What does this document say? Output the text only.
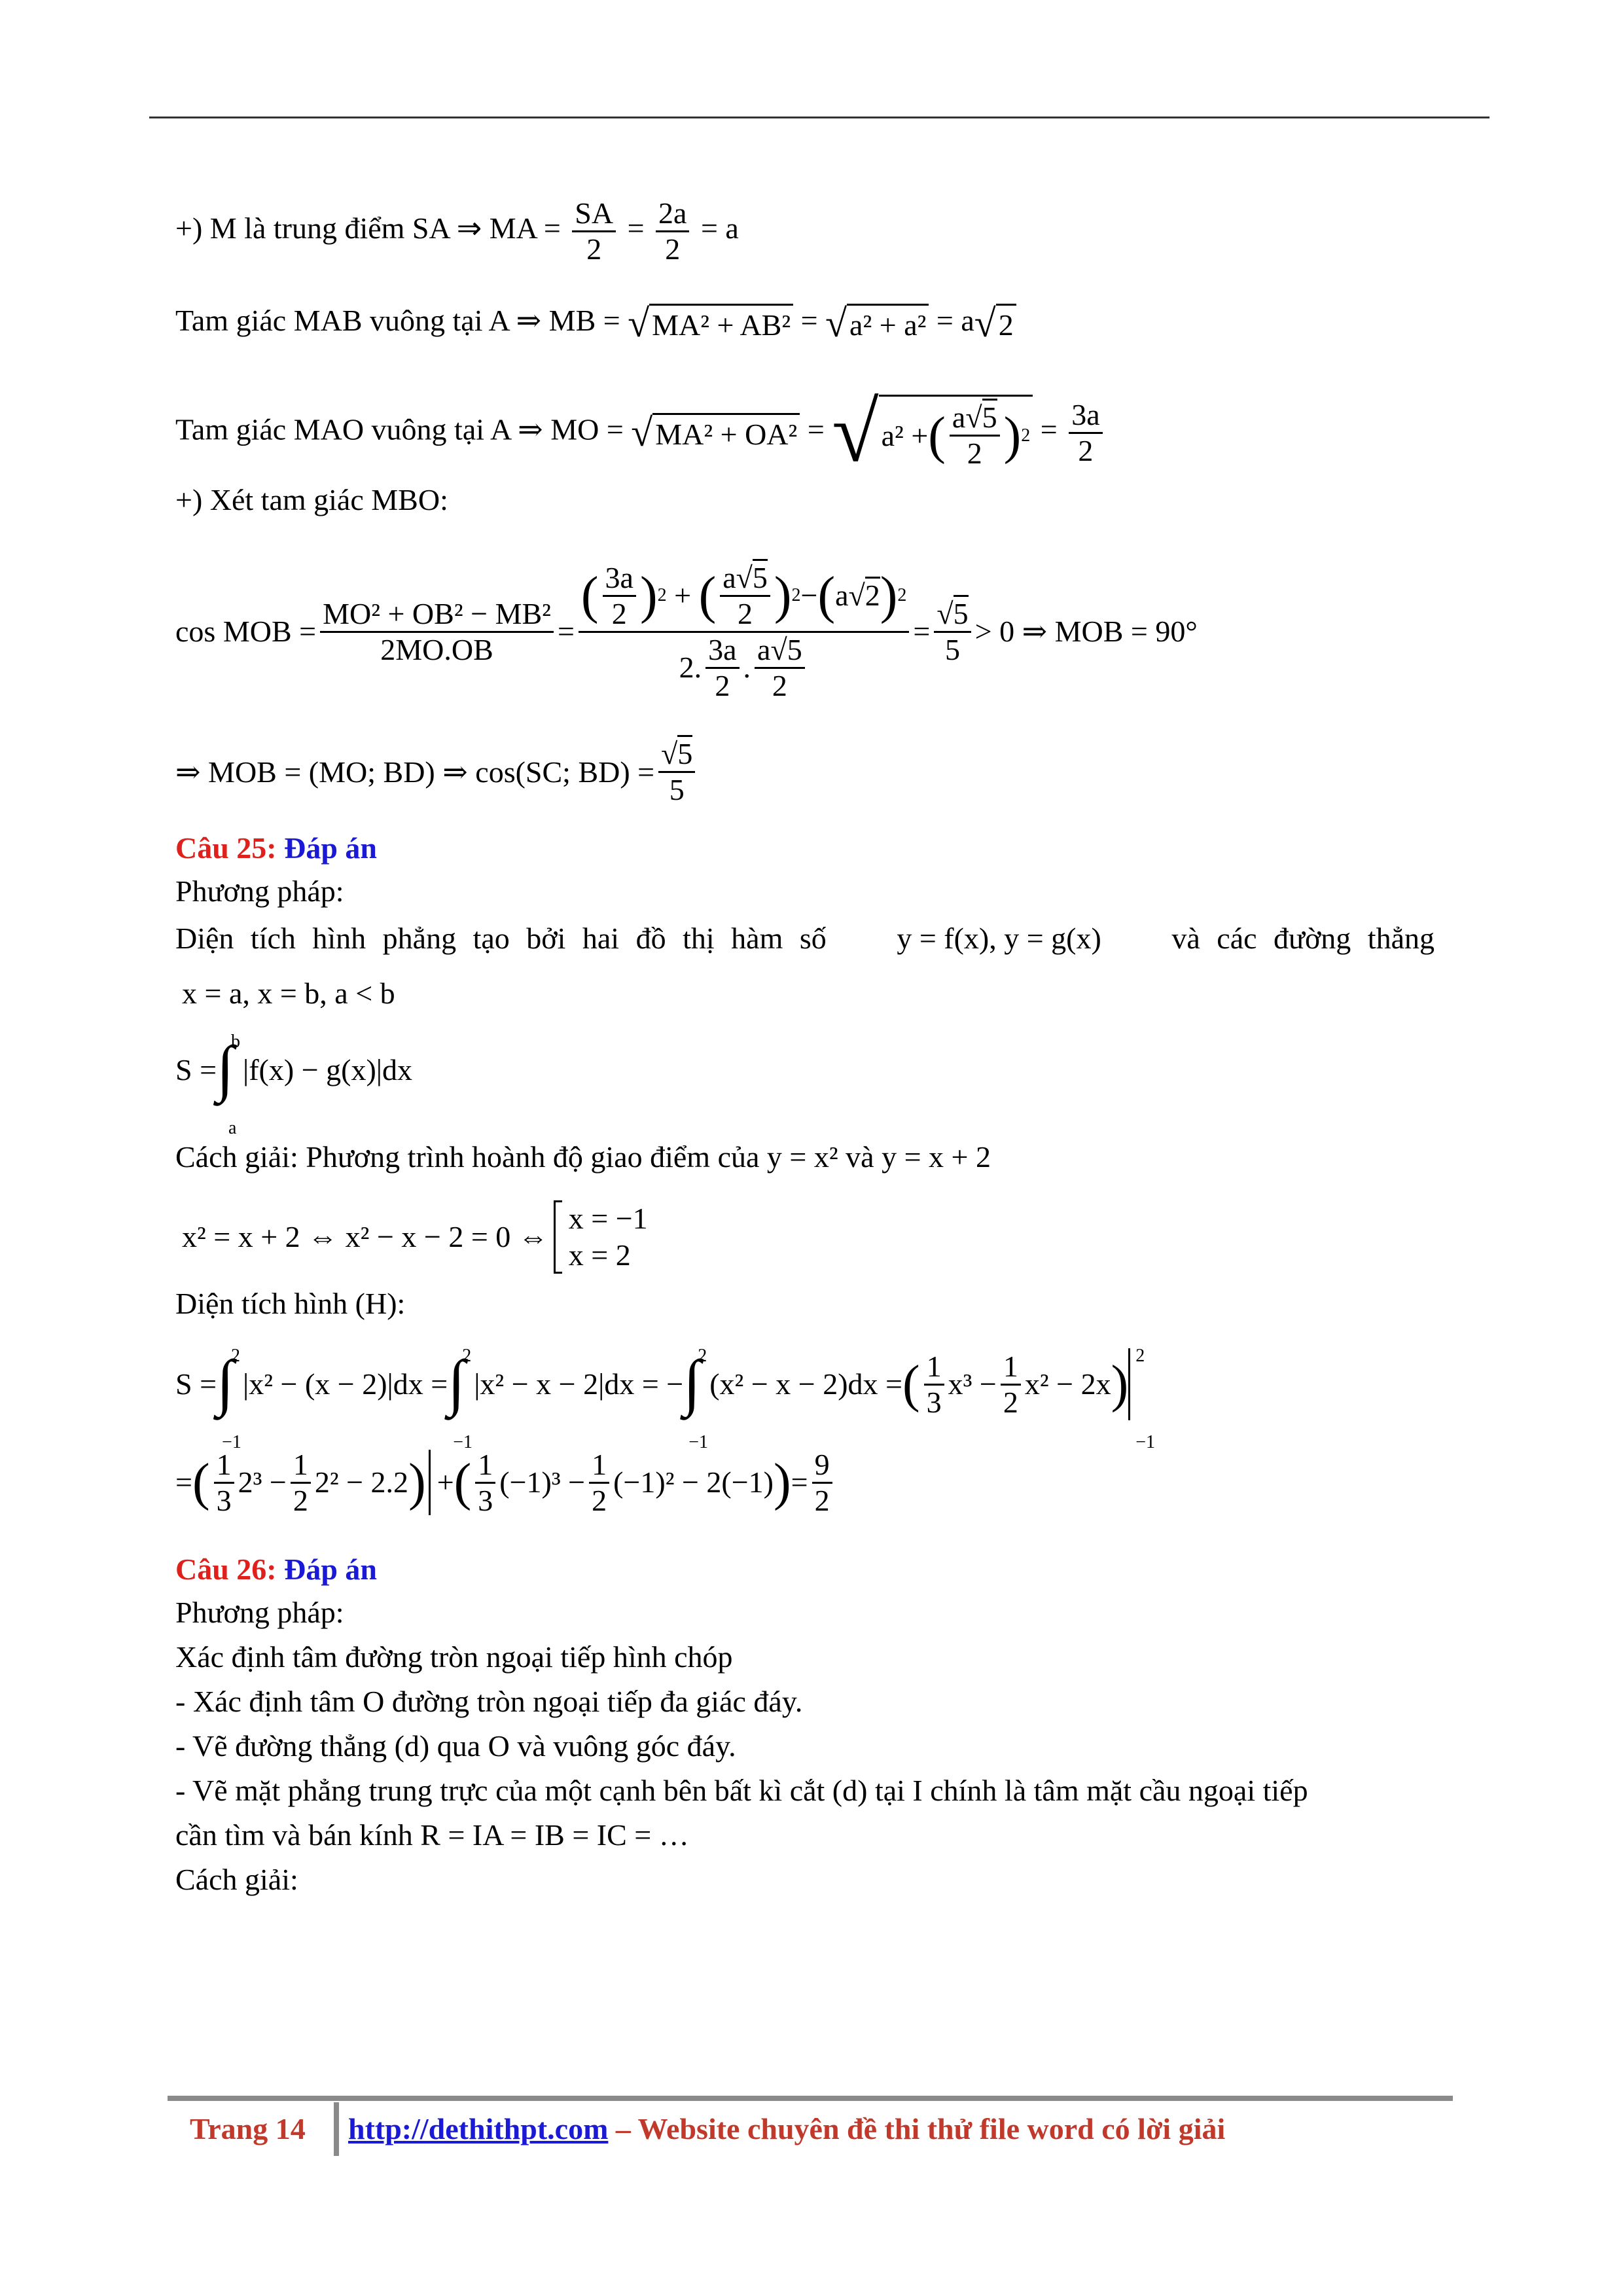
+) M là trung điểm SA ⇒ MA = $\frac{SA}{2} = \frac{2a}{2} = a$
Tam giác MAB vuông tại A ⇒ MB = √ MA² + AB² = √ a² + a² = a √ 2
Tam giác MAO vuông tại A ⇒ MO = √ MA² + OA² = √ a² + ( $\frac{a√5}{2}$ ) $2 = \frac{3a}{2}$
+) Xét tam giác MBO:
cos MOB = $\frac{\text{MO² + OB² − MB²}}{2MO.OB} = \frac{( \frac{3a}{2} ) 2 + ( \frac{a√5}{2} ) 2 - ( a√2 ) 2}{2. \frac{3a}{2} . \frac{a√5}{2}} = \frac{√5}{5} > 0$ ⇒ MOB = 90°
⇒ MOB = (MO; BD) ⇒ cos(SC; $BD) = \frac{√5}{5}$
Câu 25: Đáp án
Phương pháp:
Diện tích hình phẳng tạo bởi hai đồ thị hàm số y = f(x), y = g(x) và các đường thẳng
x = a, x = b, a < b
S = ∫
b
a
|f(x) − g(x)|dx
Cách giải: Phương trình hoành độ giao điểm của y = x² và y = x + 2
x² = x + 2 ⇔ x² − x − 2 = 0 ⇔
x = −1
x = 2
Diện tích hình (H):
S = ∫
2
−1
|x² − (x − 2)|dx = ∫
2
−1
|x² − x − 2|dx = − ∫
2
−1
(x² − x − 2)dx = ( $\frac{1}{3} x^3 - \frac{1}{2} x^2 - 2x$ ) 2
−1
= ( $\frac{1}{3} 2^3 - \frac{1}{2} 2^2 - 2.2$ ) + ( $\frac{1}{3} (-1)^3 - \frac{1}{2} (-1)^2 - 2(-1)$ ) = $\frac{9}{2}$
Câu 26: Đáp án
Phương pháp:
Xác định tâm đường tròn ngoại tiếp hình chóp
- Xác định tâm O đường tròn ngoại tiếp đa giác đáy.
- Vẽ đường thẳng (d) qua O và vuông góc đáy.
- Vẽ mặt phẳng trung trực của một cạnh bên bất kì cắt (d) tại I chính là tâm mặt cầu ngoại tiếp
cần tìm và bán kính R = IA = IB = IC = …
Cách giải:
Trang 14 http://dethithpt.com – Website chuyên đề thi thử file word có lời giải
